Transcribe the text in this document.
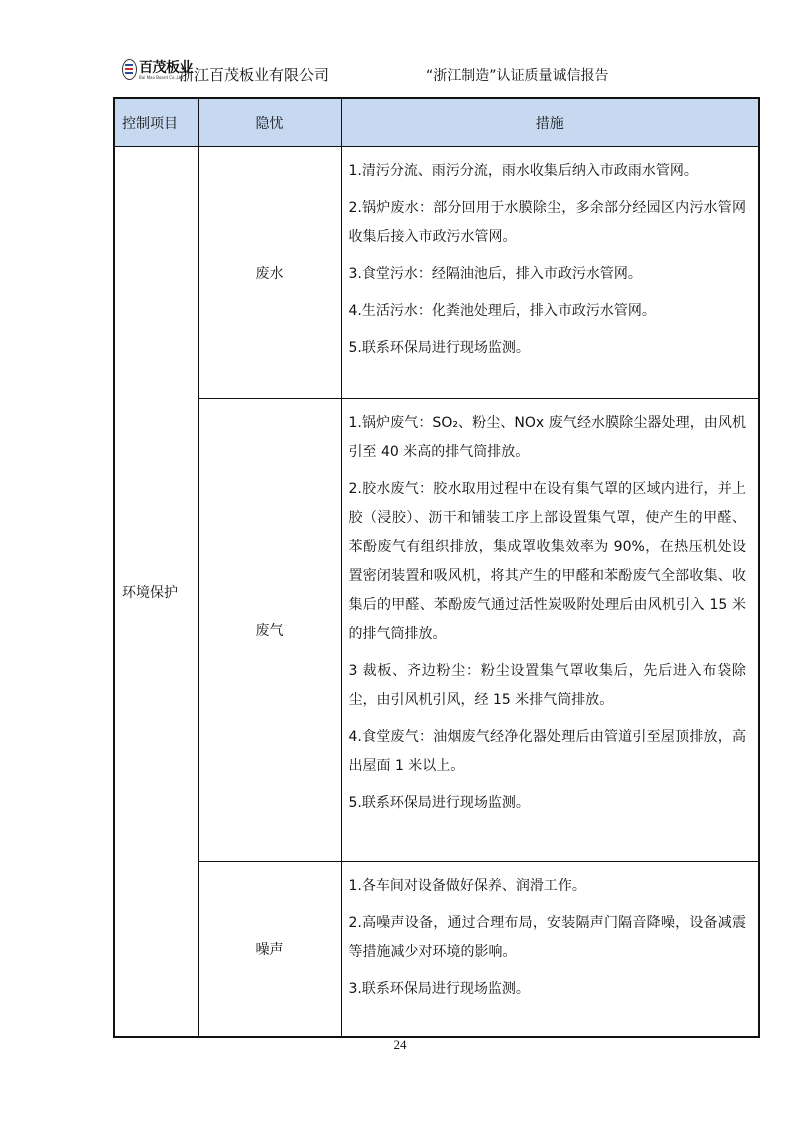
百茂板业
Bai Mao Board Co.,Ltd.
浙江百茂板业有限公司	“浙江制造”认证质量诚信报告
控制项目	隐忧	措施
环境保护	废水	1.清污分流、雨污分流，雨水收集后纳入市政雨水管网。

2.锅炉废水：部分回用于水膜除尘，多余部分经园区内污水管网收集后接入市政污水管网。

3.食堂污水：经隔油池后，排入市政污水管网。

4.生活污水：化粪池处理后，排入市政污水管网。

5.联系环保局进行现场监测。

	废气	1.锅炉废气：SO₂、粉尘、NOx 废气经水膜除尘器处理，由风机引至 40 米高的排气筒排放。

2.胶水废气：胶水取用过程中在设有集气罩的区域内进行，并上胶（浸胶）、沥干和铺装工序上部设置集气罩，使产生的甲醛、苯酚废气有组织排放，集成罩收集效率为 90%，在热压机处设置密闭装置和吸风机，将其产生的甲醛和苯酚废气全部收集、收集后的甲醛、苯酚废气通过活性炭吸附处理后由风机引入 15 米的排气筒排放。

3 裁板、齐边粉尘：粉尘设置集气罩收集后，先后进入布袋除尘，由引风机引风，经 15 米排气筒排放。

4.食堂废气：油烟废气经净化器处理后由管道引至屋顶排放，高出屋面 1 米以上。

5.联系环保局进行现场监测。

	噪声	1.各车间对设备做好保养、润滑工作。

2.高噪声设备，通过合理布局，安装隔声门隔音降噪，设备减震等措施减少对环境的影响。

3.联系环保局进行现场监测。

24
